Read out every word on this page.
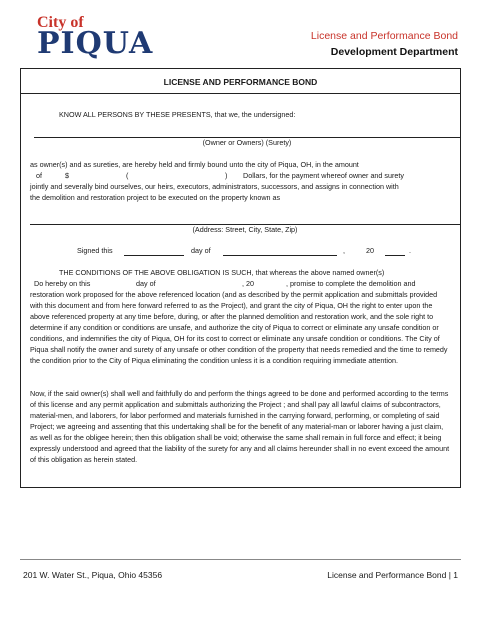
City of
PIQUA	License and Performance Bond
Development Department
LICENSE AND PERFORMANCE BOND
KNOW ALL PERSONS BY THESE PRESENTS, that we, the undersigned:
(Owner or Owners) (Surety)
as owner(s) and as sureties, are hereby held and firmly bound unto the city of Piqua, OH, in the amount
of	$	(	) Dollars, for the payment whereof owner and surety
jointly and severally bind ourselves, our heirs, executors, administrators, successors, and assigns in connection with
the demolition and restoration project to be executed on the property known as
(Address: Street, City, State, Zip)
Signed this	day of	,	20	.
THE CONDITIONS OF THE ABOVE OBLIGATION IS SUCH, that whereas the above named owner(s)
Do hereby on this	day of	, 20	, promise to complete the demolition and
restoration work proposed for the above referenced location (and as described by the permit application and submittals provided with this document and from here forward referred to as the Project), and grant the city of Piqua, OH the right to enter upon the above referenced property at any time before, during, or after the planned demolition and restoration work, and the sole right to determine if any condition or conditions are unsafe, and authorize the city of Piqua to correct or eliminate any unsafe condition or conditions, and indemnifies the city of Piqua, OH for its cost to correct or eliminate any unsafe condition or conditions. The City of Piqua shall notify the owner and surety of any unsafe or other condition of the property that needs remedied and the time to remedy the condition prior to the City of Piqua eliminating the condition unless it is a condition requiring immediate attention.
Now, if the said owner(s) shall well and faithfully do and perform the things agreed to be done and performed according to the terms of this license and any permit application and submittals authorizing the Project ; and shall pay all lawful claims of subcontractors, material-men, and laborers, for labor performed and materials furnished in the carrying forward, performing, or completing of said Project; we agreeing and assenting that this undertaking shall be for the benefit of any material-man or laborer having a just claim, as well as for the obligee herein; then this obligation shall be void; otherwise the same shall remain in full force and effect; it being expressly understood and agreed that the liability of the surety for any and all claims hereunder shall in no event exceed the amount of this obligation as herein stated.
201 W. Water St., Piqua, Ohio 45356	License and Performance Bond | 1
